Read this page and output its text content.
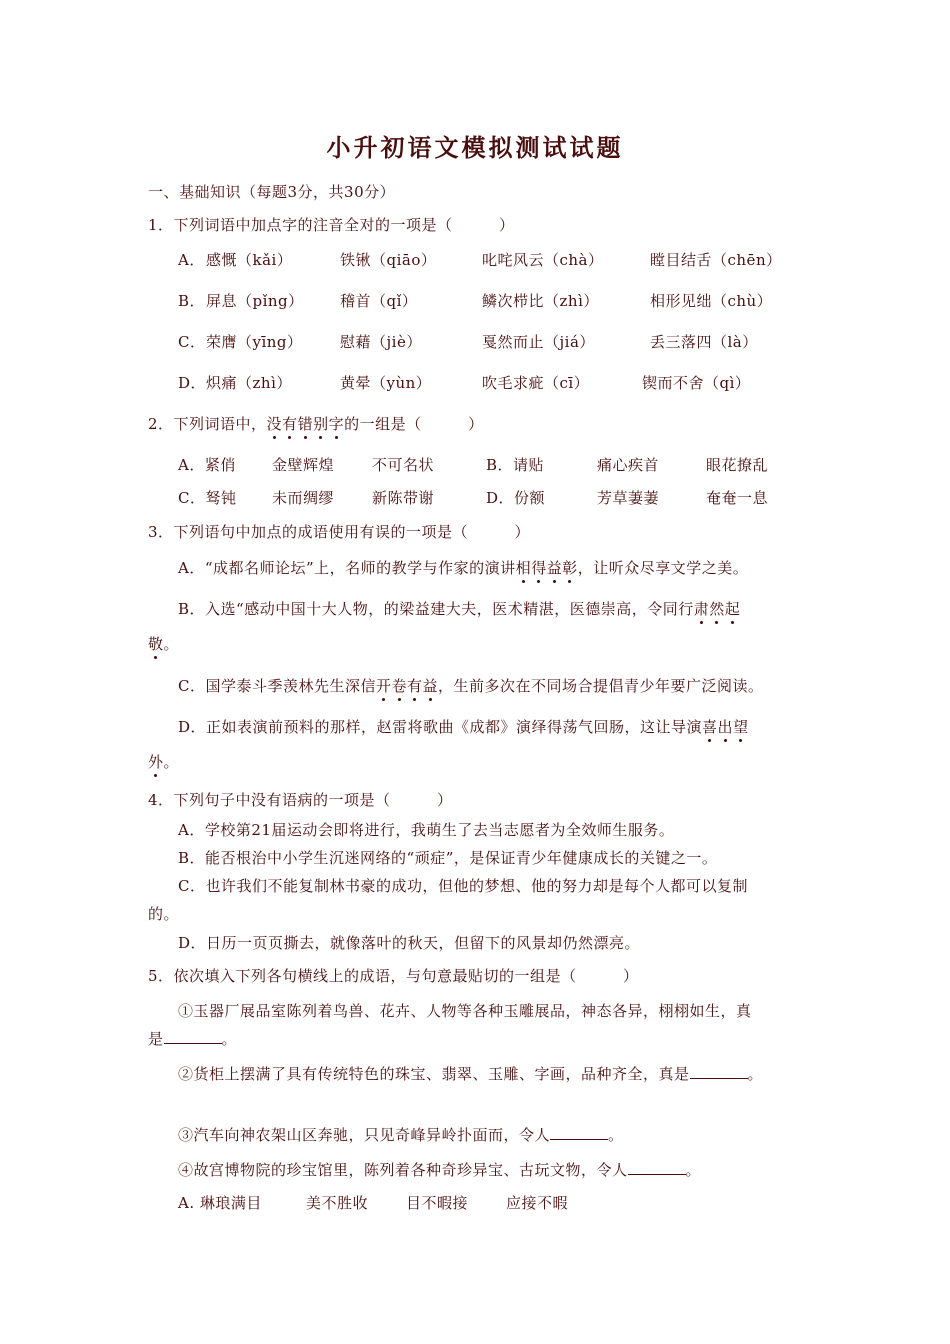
小升初语文模拟测试试题
一、基础知识（每题3分，共30分）
1．下列词语中加点字的注音全对的一项是（　　　）
A． 感慨（kǎi）	铁锹（qiāo）	叱咤风云（chà）	瞠目结舌（chēn）
B． 屏息（pǐng） 稽首（qǐ）	鳞次栉比（zhì）	相形见绌（chù）
C． 荣膺（yīng） 慰藉（jiè）	戛然而止（jiá）	丢三落四（là）
D． 炽痛（zhì）	黄晕（yùn）	吹毛求疵（cī）	锲而不舍（qì）
2．下列词语中，没有错别字的一组是（　　　）
A．紧俏 金壁辉煌	不可名状	B．请贴	痛心疾首	眼花撩乱
C．驽钝 未而绸缪	新陈带谢	D．份额	芳草萋萋	奄奄一息
3．下列语句中加点的成语使用有误的一项是（　　　）
A．“成都名师论坛”上，名师的教学与作家的演讲相得益彰，让听众尽享文学之美。
B．入选“感动中国十大人物，的梁益建大夫，医术精湛，医德崇高，令同行肃然起
敬。
C．国学泰斗季羡林先生深信开卷有益，生前多次在不同场合提倡青少年要广泛阅读。
D．正如表演前预料的那样，赵雷将歌曲《成都》演绎得荡气回肠，这让导演喜出望
外。
4．下列句子中没有语病的一项是（　　　）
A．学校第21届运动会即将进行，我萌生了去当志愿者为全效师生服务。
B．能否根治中小学生沉迷网络的“顽症”，是保证青少年健康成长的关键之一。
C．也许我们不能复制林书豪的成功，但他的梦想、他的努力却是每个人都可以复制
的。
D．日历一页页撕去，就像落叶的秋天，但留下的风景却仍然漂亮。
5．依次填入下列各句横线上的成语，与句意最贴切的一组是（　　　）
①玉器厂展品室陈列着鸟兽、花卉、人物等各种玉雕展品，神态各异，栩栩如生，真
是	。
②货柜上摆满了具有传统特色的珠宝、翡翠、玉雕、字画，品种齐全，真是	。
③汽车向神农架山区奔驰，只见奇峰异岭扑面而，令人	。
④故宫博物院的珍宝馆里，陈列着各种奇珍异宝、古玩文物，令人	。
A. 琳琅满目	美不胜收	目不暇接	应接不暇
